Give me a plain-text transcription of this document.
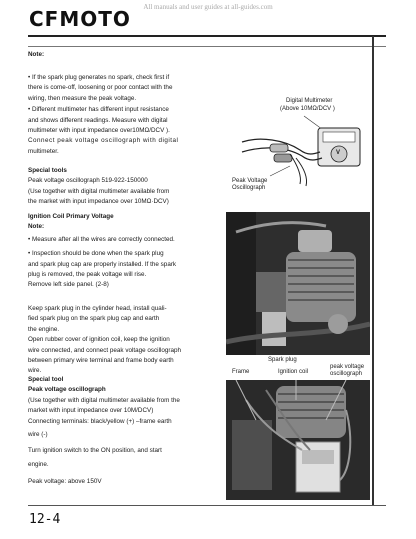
All manuals and user guides at all-guides.com
CFMOTO
Note:
• If the spark plug generates no spark, check first if
there is come-off, loosening or poor contact with the
wiring, then measure the peak voltage.
• Different multimeter has different input resistance
and shows different readings. Measure with digital
multimeter with input impedance over10MΩ/DCV ).
Connect peak voltage oscillograph with digital
multimeter.
Special tools
Peak voltage oscillograph 519-922-150000
(Use together with digital multimeter available from
the market with input impedance over 10MΩ·DCV)
Ignition Coil Primary Voltage
Note:
• Measure after all the wires are correctly connected.
• Inspection should be done when the spark plug
and spark plug cap are properly installed. If the spark
plug is removed, the peak voltage will rise.
Remove left side panel. (2-8)
Keep spark plug in the cylinder head, install quali-
fied spark plug on the spark plug cap and earth
the engine.
Open rubber cover of ignition coil, keep the ignition
wire connected, and connect peak voltage oscillograph
between primary wire terminal and frame body earth
wire.
Special tool
Peak voltage oscillograph
(Use together with digital multimeter available from the
market with input impedance over 10M/DCV)
Connecting terminals: black/yellow (+) –frame earth
wire (-)
Turn ignition switch to the ON position, and start
engine.
Peak voltage: above 150V
Digital Multimeter
(Above 10MΩ/DCV )
V
Peak Voltage
Oscillograph
Spark plug
Frame	Ignition coil
peak voltage
oscillograph
12-4
